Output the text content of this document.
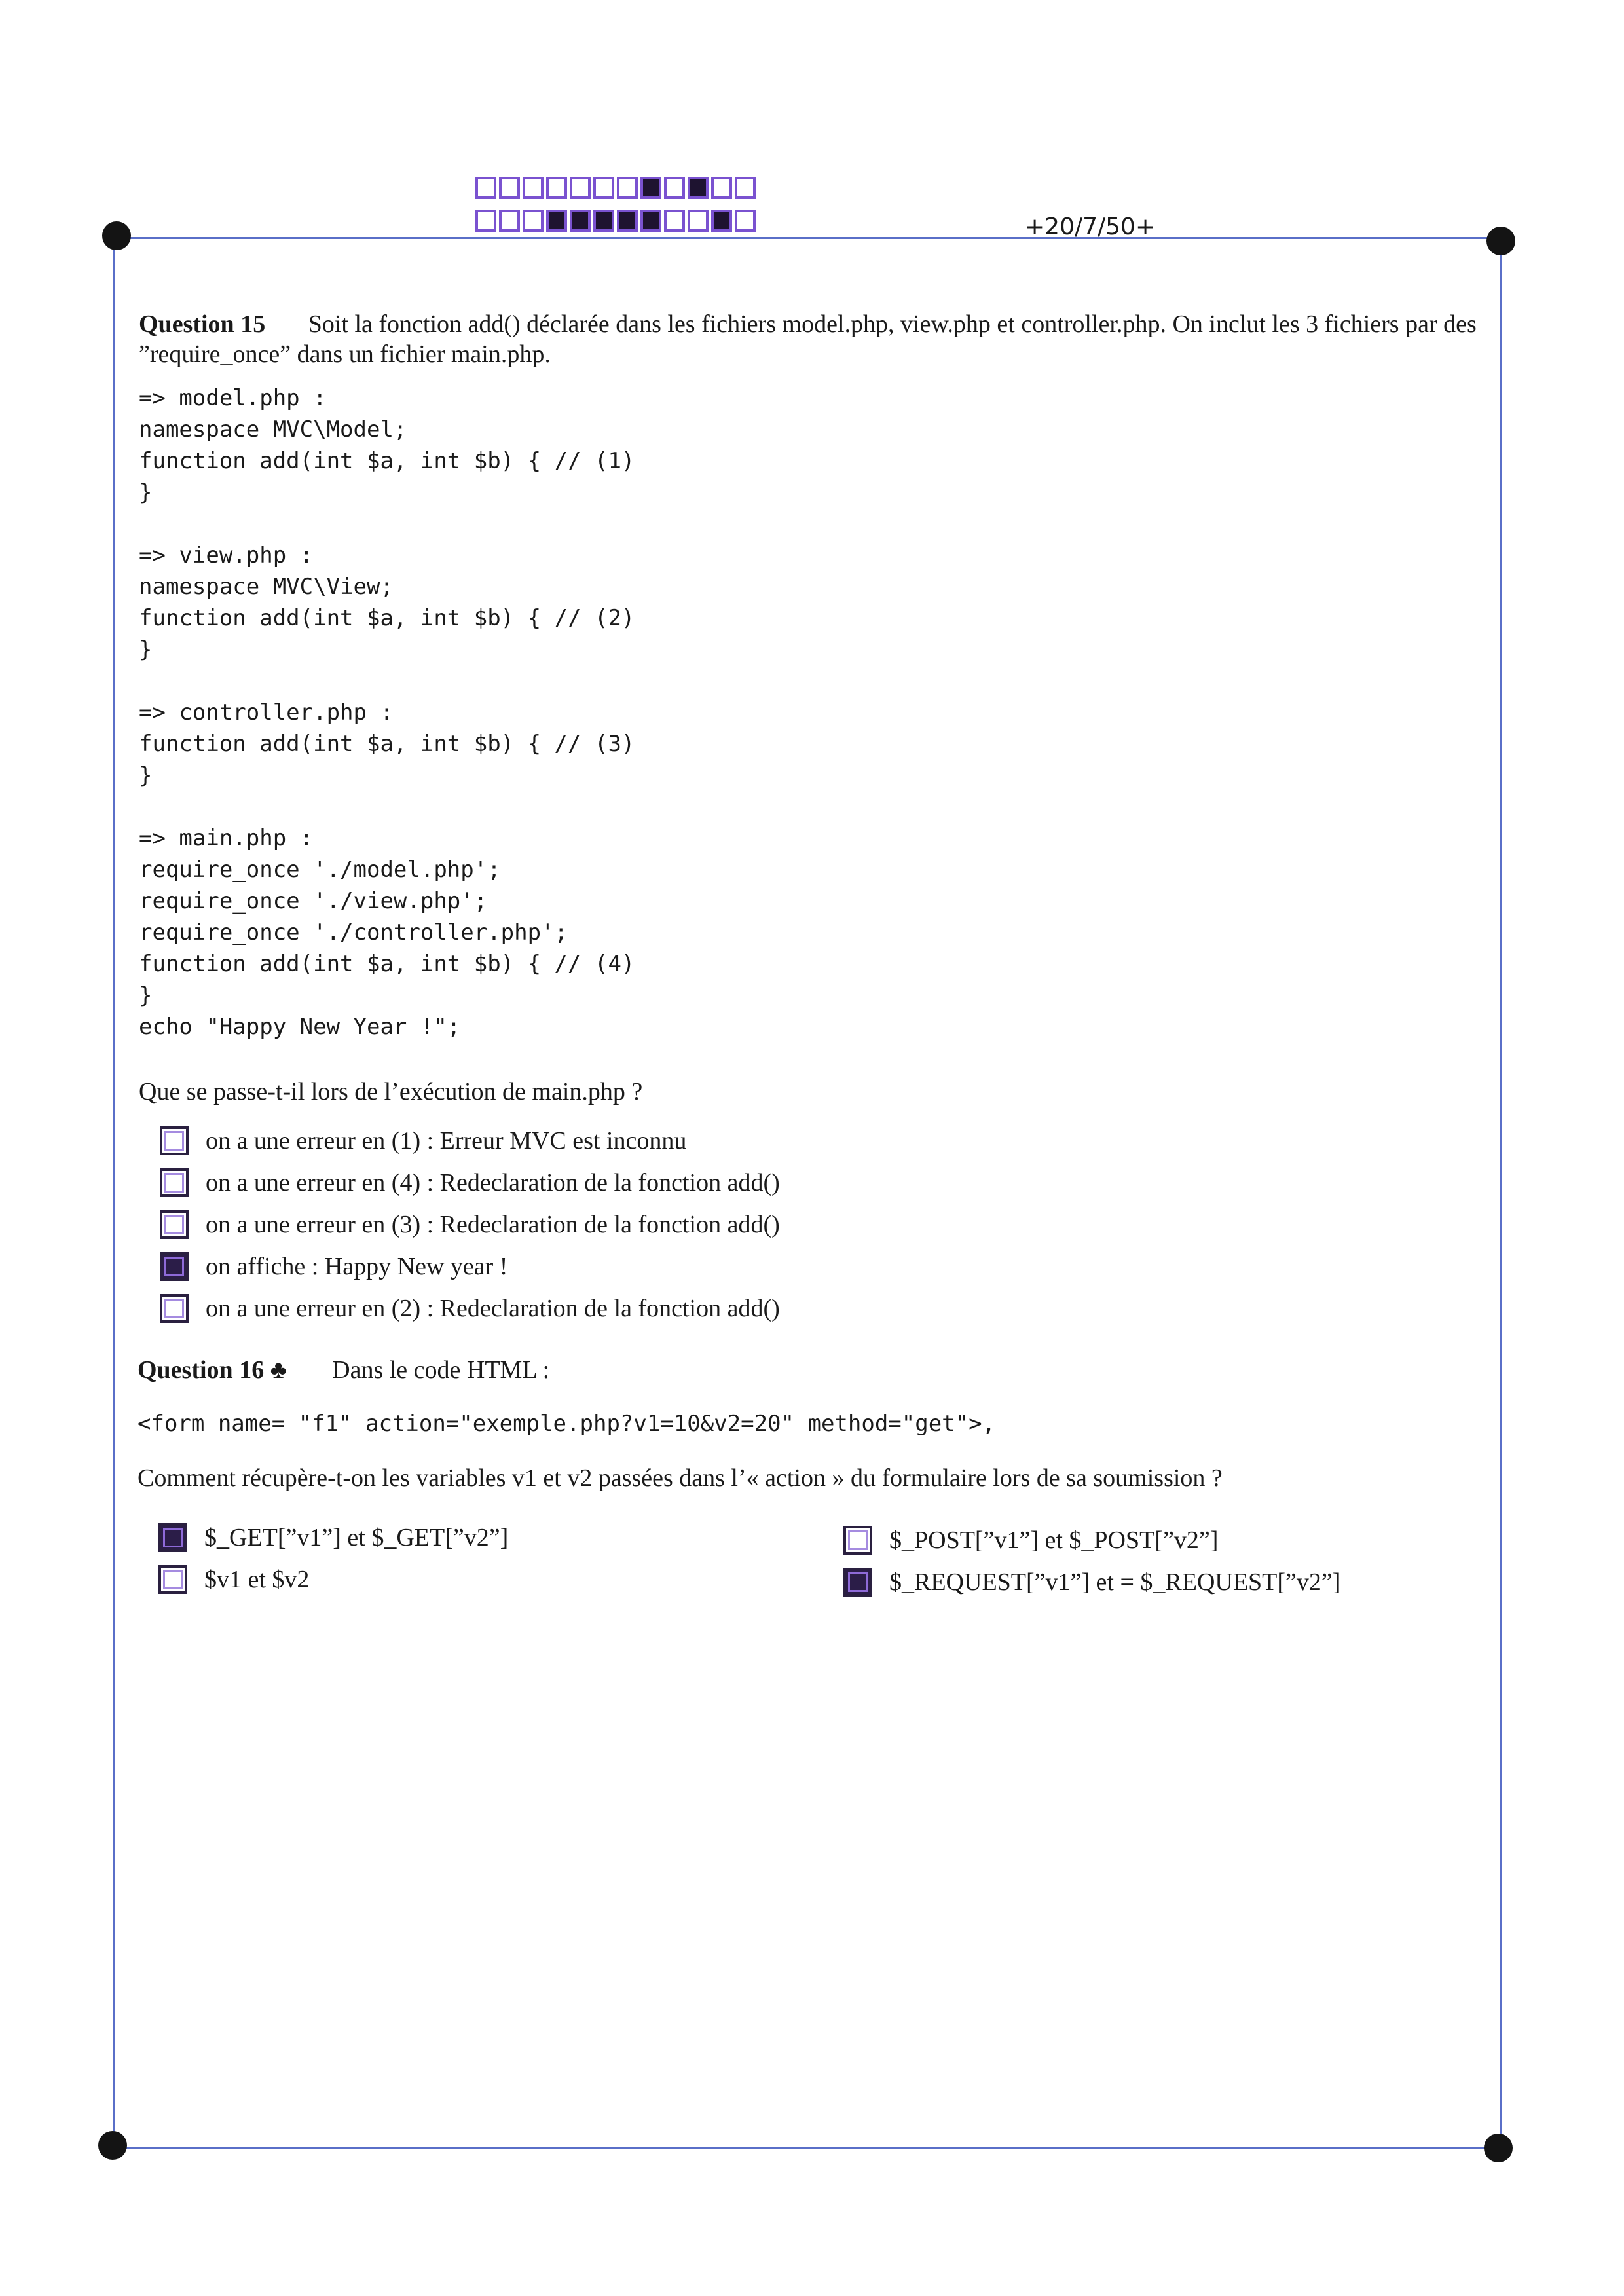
+20/7/50+
Question 15 Soit la fonction add() déclarée dans les fichiers model.php, view.php et controller.php. On inclut les 3 fichiers par des ”require_once” dans un fichier main.php.
=> model.php :
namespace MVC\Model;
function add(int $a, int $b) { // (1)
}

=> view.php :
namespace MVC\View;
function add(int $a, int $b) { // (2)
}

=> controller.php :
function add(int $a, int $b) { // (3)
}

=> main.php :
require_once './model.php';
require_once './view.php';
require_once './controller.php';
function add(int $a, int $b) { // (4)
}
echo "Happy New Year !";
Que se passe-t-il lors de l’exécution de main.php ?
on a une erreur en (1) : Erreur MVC est inconnu
on a une erreur en (4) : Redeclaration de la fonction add()
on a une erreur en (3) : Redeclaration de la fonction add()
on affiche : Happy New year !
on a une erreur en (2) : Redeclaration de la fonction add()
Question 16 ♣ Dans le code HTML :
<form name= "f1" action="exemple.php?v1=10&v2=20" method="get">,
Comment récupère-t-on les variables v1 et v2 passées dans l’« action » du formulaire lors de sa soumission ?
$_GET[”v1”] et $_GET[”v2”]
$v1 et $v2
$_POST[”v1”] et $_POST[”v2”]
$_REQUEST[”v1”] et = $_REQUEST[”v2”]
